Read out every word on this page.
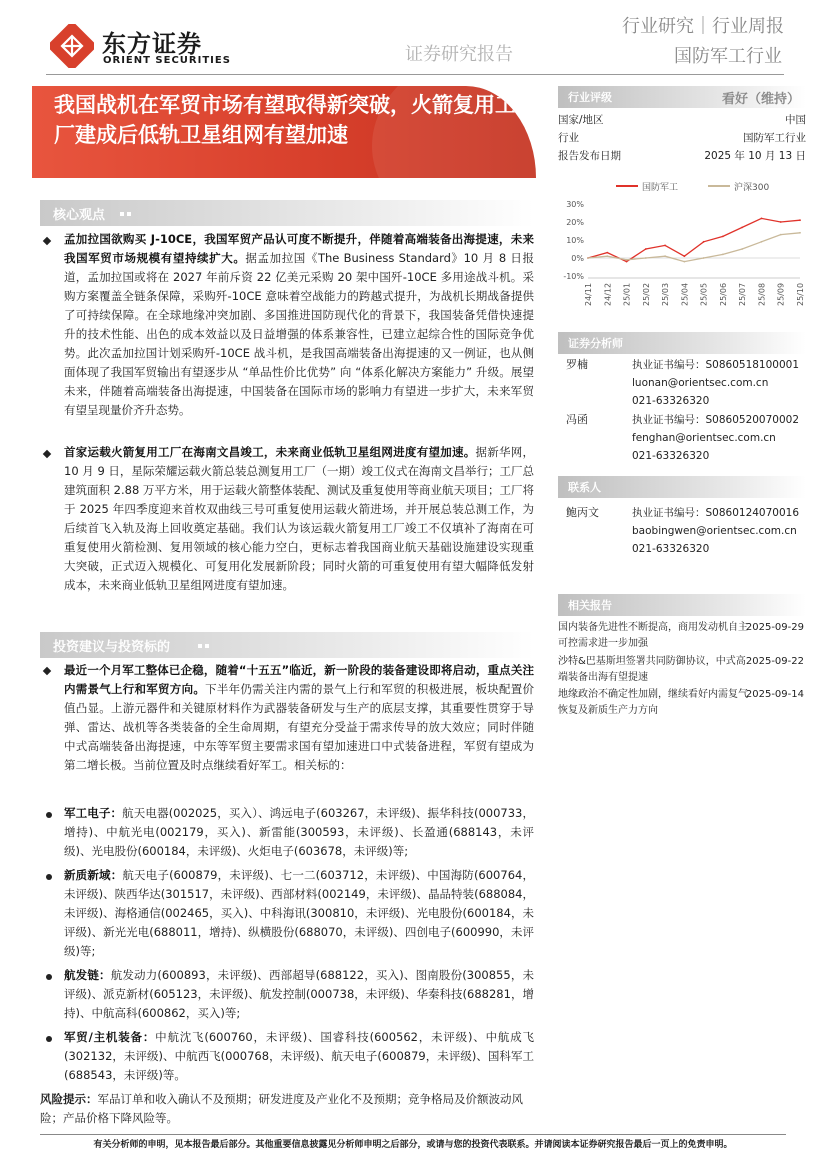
东方证券
ORIENT SECURITIES	证券研究报告
行业研究｜行业周报
国防军工行业
我国战机在军贸市场有望取得新突破，火箭复用工厂建成后低轨卫星组网有望加速
核心观点
孟加拉国欲购买 J-10CE，我国军贸产品认可度不断提升，伴随着高端装备出海提速，未来我国军贸市场规模有望持续扩大。据孟加拉国《The Business Standard》10 月 8 日报道，孟加拉国或将在 2027 年前斥资 22 亿美元采购 20 架中国歼-10CE 多用途战斗机。采购方案覆盖全链条保障，采购歼-10CE 意味着空战能力的跨越式提升，为战机长期战备提供了可持续保障。在全球地缘冲突加剧、多国推进国防现代化的背景下，我国装备凭借快速提升的技术性能、出色的成本效益以及日益增强的体系兼容性，已建立起综合性的国际竞争优势。此次孟加拉国计划采购歼-10CE 战斗机，是我国高端装备出海提速的又一例证，也从侧面体现了我国军贸输出有望逐步从 “单品性价比优势” 向 “体系化解决方案能力” 升级。展望未来，伴随着高端装备出海提速，中国装备在国际市场的影响力有望进一步扩大，未来军贸有望呈现量价齐升态势。
首家运载火箭复用工厂在海南文昌竣工，未来商业低轨卫星组网进度有望加速。据新华网，10 月 9 日，星际荣耀运载火箭总装总测复用工厂（一期）竣工仪式在海南文昌举行；工厂总建筑面积 2.88 万平方米，用于运载火箭整体装配、测试及重复使用等商业航天项目；工厂将于 2025 年四季度迎来首枚双曲线三号可重复使用运载火箭进场，并开展总装总测工作，为后续首飞入轨及海上回收奠定基础。我们认为该运载火箭复用工厂竣工不仅填补了海南在可重复使用火箭检测、复用领域的核心能力空白，更标志着我国商业航天基础设施建设实现重大突破，正式迈入规模化、可复用化发展新阶段；同时火箭的可重复使用有望大幅降低发射成本，未来商业低轨卫星组网进度有望加速。
投资建议与投资标的
最近一个月军工整体已企稳，随着“十五五”临近，新一阶段的装备建设即将启动，重点关注内需景气上行和军贸方向。下半年仍需关注内需的景气上行和军贸的积极进展，板块配置价值凸显。上游元器件和关键原材料作为武器装备研发与生产的底层支撑，其重要性贯穿于导弹、雷达、战机等各类装备的全生命周期，有望充分受益于需求传导的放大效应；同时伴随中式高端装备出海提速，中东等军贸主要需求国有望加速进口中式装备进程，军贸有望成为第二增长极。当前位置及时点继续看好军工。相关标的：
军工电子：航天电器(002025，买入）、鸿远电子(603267，未评级)、振华科技(000733，增持)、中航光电(002179，买入)、新雷能(300593，未评级)、长盈通(688143，未评级)、光电股份(600184，未评级)、火炬电子(603678，未评级)等;
新质新域：航天电子(600879，未评级)、七一二(603712，未评级)、中国海防(600764，未评级)、陕西华达(301517，未评级)、西部材料(002149，未评级)、晶品特装(688084，未评级)、海格通信(002465，买入)、中科海讯(300810，未评级)、光电股份(600184，未评级)、新光光电(688011，增持)、纵横股份(688070，未评级)、四创电子(600990，未评级)等;
航发链：航发动力(600893，未评级)、西部超导(688122，买入)、图南股份(300855，未评级)、派克新材(605123，未评级)、航发控制(000738，未评级)、华秦科技(688281，增持)、中航高科(600862，买入)等;
军贸/主机装备：中航沈飞(600760，未评级)、国睿科技(600562，未评级)、中航成飞(302132，未评级)、中航西飞(000768，未评级)、航天电子(600879，未评级)、国科军工(688543，未评级)等。
风险提示：军品订单和收入确认不及预期；研发进度及产业化不及预期；竞争格局及价额波动风险；产品价格下降风险等。
行业评级	看好（维持）
国家/地区	中国
行业	国防军工行业
报告发布日期	2025 年 10 月 13 日
国防军工	沪深300
30%
20%
10%
0%
-10%
24/11 24/12 25/01 25/02 25/03 25/04 25/05 25/06 25/07 25/08 25/09 25/10
证券分析师
罗楠	执业证书编号：S0860518100001
luonan@orientsec.com.cn
021-63326320
冯函	执业证书编号：S0860520070002
fenghan@orientsec.com.cn
021-63326320
联系人
鲍丙文	执业证书编号：S0860124070016
baobingwen@orientsec.com.cn
021-63326320
相关报告
国内装备先进性不断提高，商用发动机自主可控需求进一步加强
2025-09-29
沙特&巴基斯坦签署共同防御协议，中式高端装备出海有望提速
2025-09-22
地缘政治不确定性加剧，继续看好内需复气恢复及新质生产力方向
2025-09-14
有关分析师的申明，见本报告最后部分。其他重要信息披露见分析师申明之后部分，或请与您的投资代表联系。并请阅读本证券研究报告最后一页上的免责申明。
